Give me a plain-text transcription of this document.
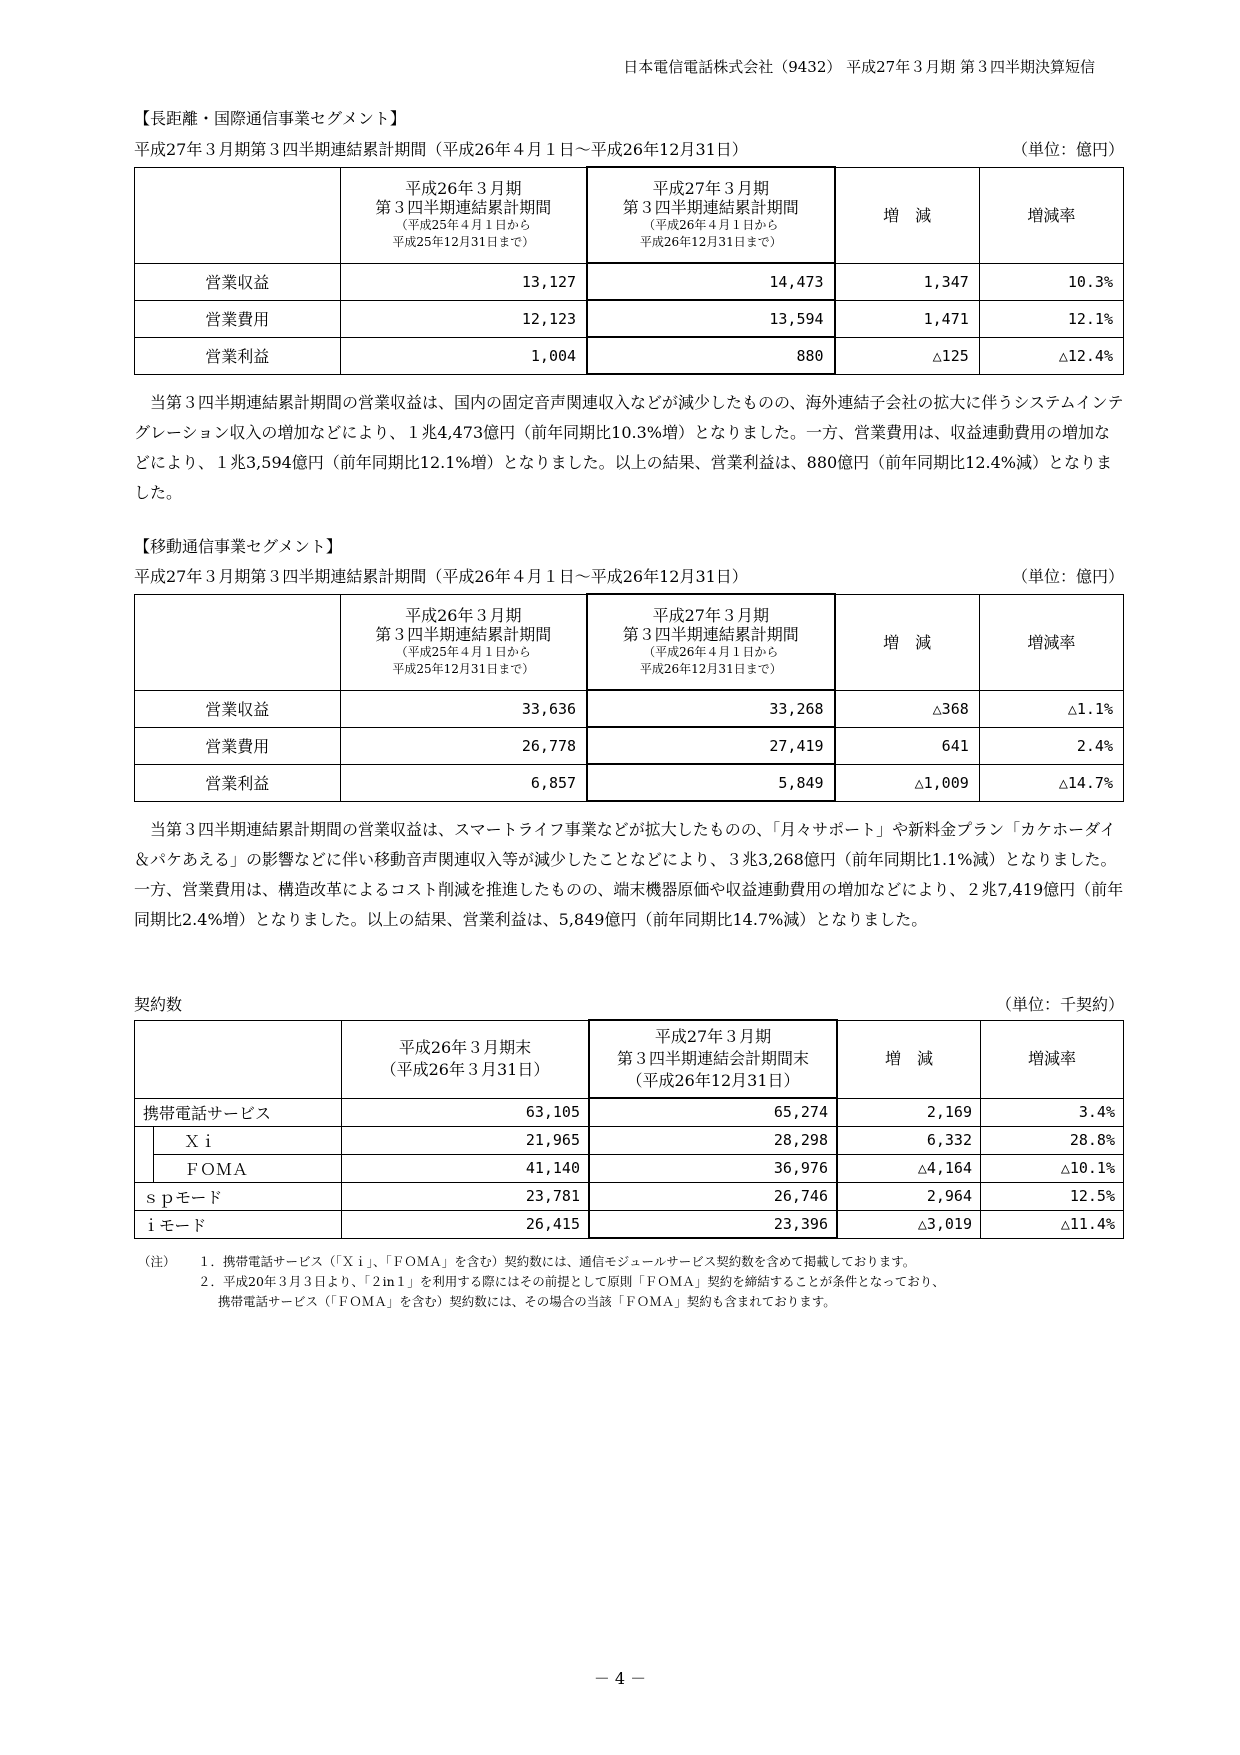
日本電信電話株式会社（9432） 平成27年３月期 第３四半期決算短信
【長距離・国際通信事業セグメント】
平成27年３月期第３四半期連結累計期間（平成26年４月１日～平成26年12月31日）	（単位：億円）
	平成26年３月期
第３四半期連結累計期間
（平成25年４月１日から
平成25年12月31日まで）	平成27年３月期
第３四半期連結累計期間
（平成26年４月１日から
平成26年12月31日まで）	増　減	増減率
営業収益	13,127	14,473	1,347	10.3%
営業費用	12,123	13,594	1,471	12.1%
営業利益	1,004	880	△125	△12.4%

当第３四半期連結累計期間の営業収益は、国内の固定音声関連収入などが減少したものの、海外連結子会社の拡大に伴うシステムインテグレーション収入の増加などにより、１兆4,473億円（前年同期比10.3%増）となりました。一方、営業費用は、収益連動費用の増加などにより、１兆3,594億円（前年同期比12.1%増）となりました。以上の結果、営業利益は、880億円（前年同期比12.4%減）となりました。

【移動通信事業セグメント】
平成27年３月期第３四半期連結累計期間（平成26年４月１日～平成26年12月31日）	（単位：億円）
	平成26年３月期
第３四半期連結累計期間
（平成25年４月１日から
平成25年12月31日まで）	平成27年３月期
第３四半期連結累計期間
（平成26年４月１日から
平成26年12月31日まで）	増　減	増減率
営業収益	33,636	33,268	△368	△1.1%
営業費用	26,778	27,419	641	2.4%
営業利益	6,857	5,849	△1,009	△14.7%

当第３四半期連結累計期間の営業収益は、スマートライフ事業などが拡大したものの、「月々サポート」や新料金プラン「カケホーダイ＆パケあえる」の影響などに伴い移動音声関連収入等が減少したことなどにより、３兆3,268億円（前年同期比1.1%減）となりました。一方、営業費用は、構造改革によるコスト削減を推進したものの、端末機器原価や収益連動費用の増加などにより、２兆7,419億円（前年同期比2.4%増）となりました。以上の結果、営業利益は、5,849億円（前年同期比14.7%減）となりました。

契約数	（単位：千契約）
		平成26年３月期末
（平成26年３月31日）	平成27年３月期
第３四半期連結会計期間末
（平成26年12月31日）	増　減	増減率
携帯電話サービス		63,105	65,274	2,169	3.4%
	Ｘｉ	21,965	28,298	6,332	28.8%
	ＦＯＭＡ	41,140	36,976	△4,164	△10.1%
ｓｐモード		23,781	26,746	2,964	12.5%
ｉモード		26,415	23,396	△3,019	△11.4%
（注）	１．携帯電話サービス（「Ｘｉ」、「ＦＯＭＡ」を含む）契約数には、通信モジュールサービス契約数を含めて掲載しております。
２．平成20年３月３日より、「２in１」を利用する際にはその前提として原則「ＦＯＭＡ」契約を締結することが条件となっており、
携帯電話サービス（「ＦＯＭＡ」を含む）契約数には、その場合の当該「ＦＯＭＡ」契約も含まれております。
－ 4 －
